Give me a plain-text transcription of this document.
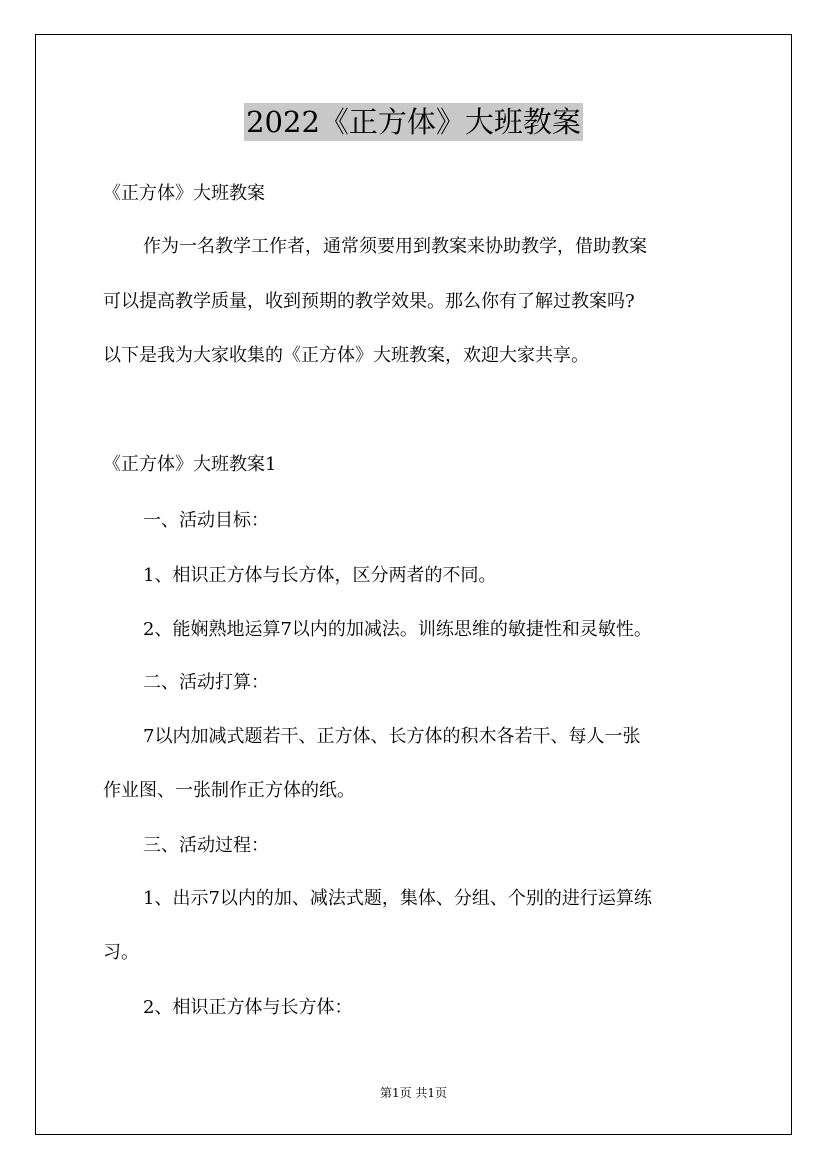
2022《正方体》大班教案
《正方体》大班教案
作为一名教学工作者，通常须要用到教案来协助教学，借助教案
可以提高教学质量，收到预期的教学效果。那么你有了解过教案吗?
以下是我为大家收集的《正方体》大班教案，欢迎大家共享。
《正方体》大班教案1
一、活动目标：
1、相识正方体与长方体，区分两者的不同。
2、能娴熟地运算7以内的加减法。训练思维的敏捷性和灵敏性。
二、活动打算：
7以内加减式题若干、正方体、长方体的积木各若干、每人一张
作业图、一张制作正方体的纸。
三、活动过程：
1、出示7以内的加、减法式题，集体、分组、个别的进行运算练
习。
2、相识正方体与长方体：
第1页 共1页
